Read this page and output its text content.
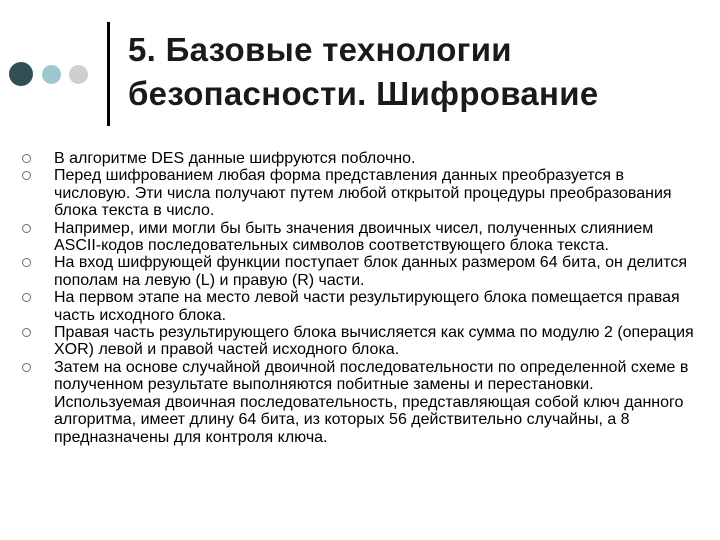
5. Базовые технологии
безопасности. Шифрование
В алгоритме DES данные шифруются поблочно.
Перед шифрованием любая форма представления данных преобразуется в числовую. Эти числа получают путем любой открытой процедуры преобразования блока текста в число.
Например, ими могли бы быть значения двоичных чисел, полученных слиянием ASCII-кодов последовательных символов соответствующего блока текста.
На вход шифрующей функции поступает блок данных размером 64 бита, он делится пополам на левую (L) и правую (R) части.
На первом этапе на место левой части результирующего блока помещается правая часть исходного блока.
Правая часть результирующего блока вычисляется как сумма по модулю 2 (операция XOR) левой и правой частей исходного блока.
Затем на основе случайной двоичной последовательности по определенной схеме в полученном результате выполняются побитные замены и перестановки. Используемая двоичная последовательность, представляющая собой ключ данного алгоритма, имеет длину 64 бита, из которых 56 действительно случайны, а 8 предназначены для контроля ключа.
